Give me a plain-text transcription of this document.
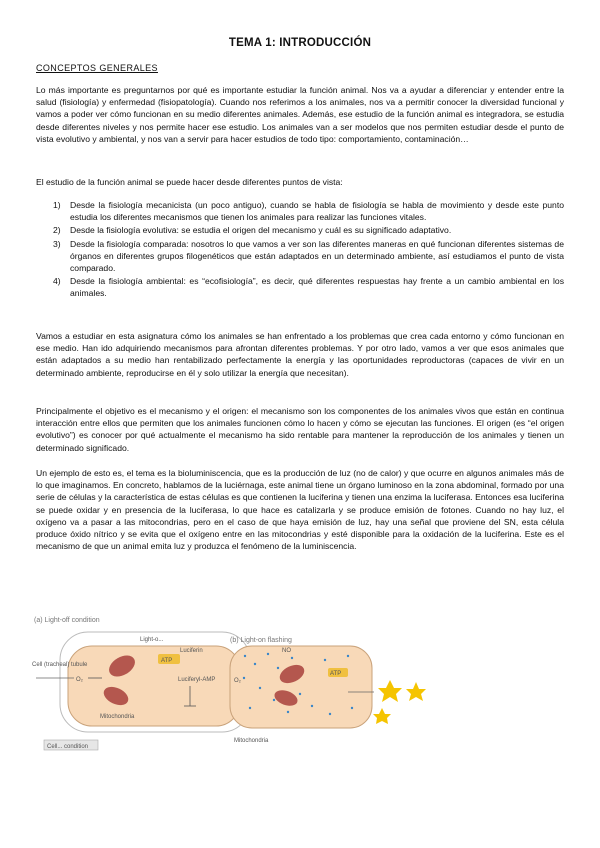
TEMA 1: INTRODUCCIÓN

CONCEPTOS GENERALES

Lo más importante es preguntarnos por qué es importante estudiar la función animal. Nos va a ayudar a diferenciar y entender entre la salud (fisiología) y enfermedad (fisiopatología). Cuando nos referimos a los animales, nos va a permitir conocer la diversidad funcional y vamos a poder ver cómo funcionan en su medio diferentes animales. Además, ese estudio de la función animal es integradora, se estudia desde diferentes niveles y nos permite hacer ese estudio. Los animales van a ser modelos que nos permiten estudiar desde el punto de vista evolutivo y ambiental, y nos van a servir para hacer estudios de todo tipo: comportamiento, contaminación…

El estudio de la función animal se puede hacer desde diferentes puntos de vista:

1) Desde la fisiología mecanicista (un poco antiguo), cuando se habla de fisiología se habla de movimiento y desde este punto estudia los diferentes mecanismos que tienen los animales para realizar las funciones vitales.
2) Desde la fisiología evolutiva: se estudia el origen del mecanismo y cuál es su significado adaptativo.
3) Desde la fisiología comparada: nosotros lo que vamos a ver son las diferentes maneras en qué funcionan diferentes sistemas de órganos en diferentes grupos filogenéticos que están adaptados en un determinado ambiente, así estudiamos el punto de vista comparado.
4) Desde la fisiología ambiental: es “ecofisiología”, es decir, qué diferentes respuestas hay frente a un cambio ambiental en los animales.

Vamos a estudiar en esta asignatura cómo los animales se han enfrentado a los problemas que crea cada entorno y cómo funcionan en ese medio. Han ido adquiriendo mecanismos para afrontan diferentes problemas. Y por otro lado, vamos a ver que esos animales que están adaptados a su medio han rentabilizado perfectamente la energía y las oportunidades reproductoras (capaces de vivir en un determinado ambiente, reproducirse en él y solo utilizar la energía que necesitan).

Principalmente el objetivo es el mecanismo y el origen: el mecanismo son los componentes de los animales vivos que están en continua interacción entre ellos que permiten que los animales funcionen cómo lo hacen y cómo se ejecutan las funciones. El origen (es “el origen evolutivo”) es conocer por qué actualmente el mecanismo ha sido rentable para mantener la reproducción de los animales y tienen un determinado significado.

Un ejemplo de esto es, el tema es la bioluminiscencia, que es la producción de luz (no de calor) y que ocurre en algunos animales más de lo que imaginamos. En concreto, hablamos de la luciérnaga, este animal tiene un órgano luminoso en la zona abdominal, formado por una serie de células y la característica de estas células es que contienen la luciferina y tienen una enzima la luciferasa. Entonces esa luciferina se puede oxidar y en presencia de la luciferasa, lo que hace es catalizarla y se produce emisión de fotones. Cuando no hay luz, el oxígeno va a pasar a las mitocondrias, pero en el caso de que haya emisión de luz, hay una señal que proviene del SN, esta célula produce óxido nítrico y se evita que el oxígeno entre en las mitocondrias y esté disponible para la oxidación de la luciferina. Este es el mecanismo de que un animal emita luz y produzca el fenómeno de la luminiscencia.

(a) Light-off condition
Light-o...
Cell (tracheal) tubule
O₂
Mitochondria
ATP
Luciferin
Luciferyl-AMP
Cell... condition
(b) Light-on flashing
O₂
NO
Mitochondria
ATP
